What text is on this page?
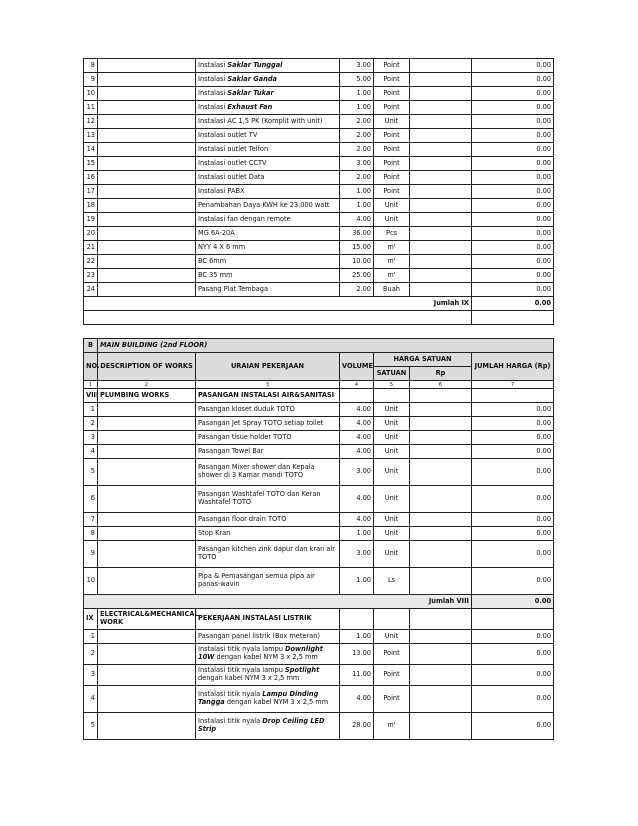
8		Instalasi Saklar Tunggal	3.00	Point		0.00
9		Instalasi Saklar Ganda	5.00	Point		0.00
10		Instalasi Saklar Tukar	1.00	Point		0.00
11		Instalasi Exhaust Fan	1.00	Point		0.00
12		Instalasi AC 1,5 PK (Komplit with unit)	2.00	Unit		0.00
13		Instalasi outlet TV	2.00	Point		0.00
14		Instalasi outlet Telfon	2.00	Point		0.00
15		Instalasi outlet CCTV	3.00	Point		0.00
16		Instalasi outlet Data	2.00	Point		0.00
17		Instalasi PABX	1.00	Point		0.00
18		Penambahan Daya KWH ke 23.000 watt	1.00	Unit		0.00
19		Instalasi fan dengan remote	4.00	Unit		0.00
20		MG 6A-20A	36.00	Pcs		0.00
21		NYY 4 X 6 mm	15.00	m'		0.00
22		BC 6mm	10.00	m'		0.00
23		BC 35 mm	25.00	m'		0.00
24		Pasang Plat Tembaga	2.00	Buah		0.00
Jumlah IX						0.00

B	MAIN BUILDING (2nd FLOOR)					
NO.	DESCRIPTION OF WORKS	URAIAN PEKERJAAN	VOLUME	HARGA SATUAN		JUMLAH HARGA (Rp)
				SATUAN	Rp	
1	2	3	4	5	6	7
VIII	PLUMBING WORKS	PASANGAN INSTALASI AIR&SANITASI				
1		Pasangan kloset duduk TOTO	4.00	Unit		0.00
2		Pasangan Jet Spray TOTO setiap toilet	4.00	Unit		0.00
3		Pasangan tisue holder TOTO	4.00	Unit		0.00
4		Pasangan Towel Bar	4.00	Unit		0.00
5		Pasangan Mixer shower dan Kepala shower di 3 Kamar mandi TOTO	3.00	Unit		0.00
6		Pasangan Washtafel TOTO dan Keran Washtafel TOTO	4.00	Unit		0.00
7		Pasangan floor drain TOTO	4.00	Unit		0.00
8		Stop Kran	1.00	Unit		0.00
9		Pasangan kitchen zink dapur dan kran air TOTO	3.00	Unit		0.00
10		Pipa & Pemasangan semua pipa air panas-wavin	1.00	Ls		0.00
Jumlah VIII						0.00
IX	ELECTRICAL&MECHANICAL WORK	PEKERJAAN INSTALASI LISTRIK				
1		Pasangan panel listrik (Box meteran)	1.00	Unit		0.00
2		Instalasi titik nyala lampu Downlight 10W dengan kabel NYM 3 x 2,5 mm	13.00	Point		0.00
3		Instalasi titik nyala lampu Spotlight dengan kabel NYM 3 x 2,5 mm	11.00	Point		0.00
4		Instalasi titik nyala Lampu Dinding Tangga dengan kabel NYM 3 x 2,5 mm	4.00	Point		0.00
5		Instalasi titik nyala Drop Ceiling LED Strip	28.00	m'		0.00
